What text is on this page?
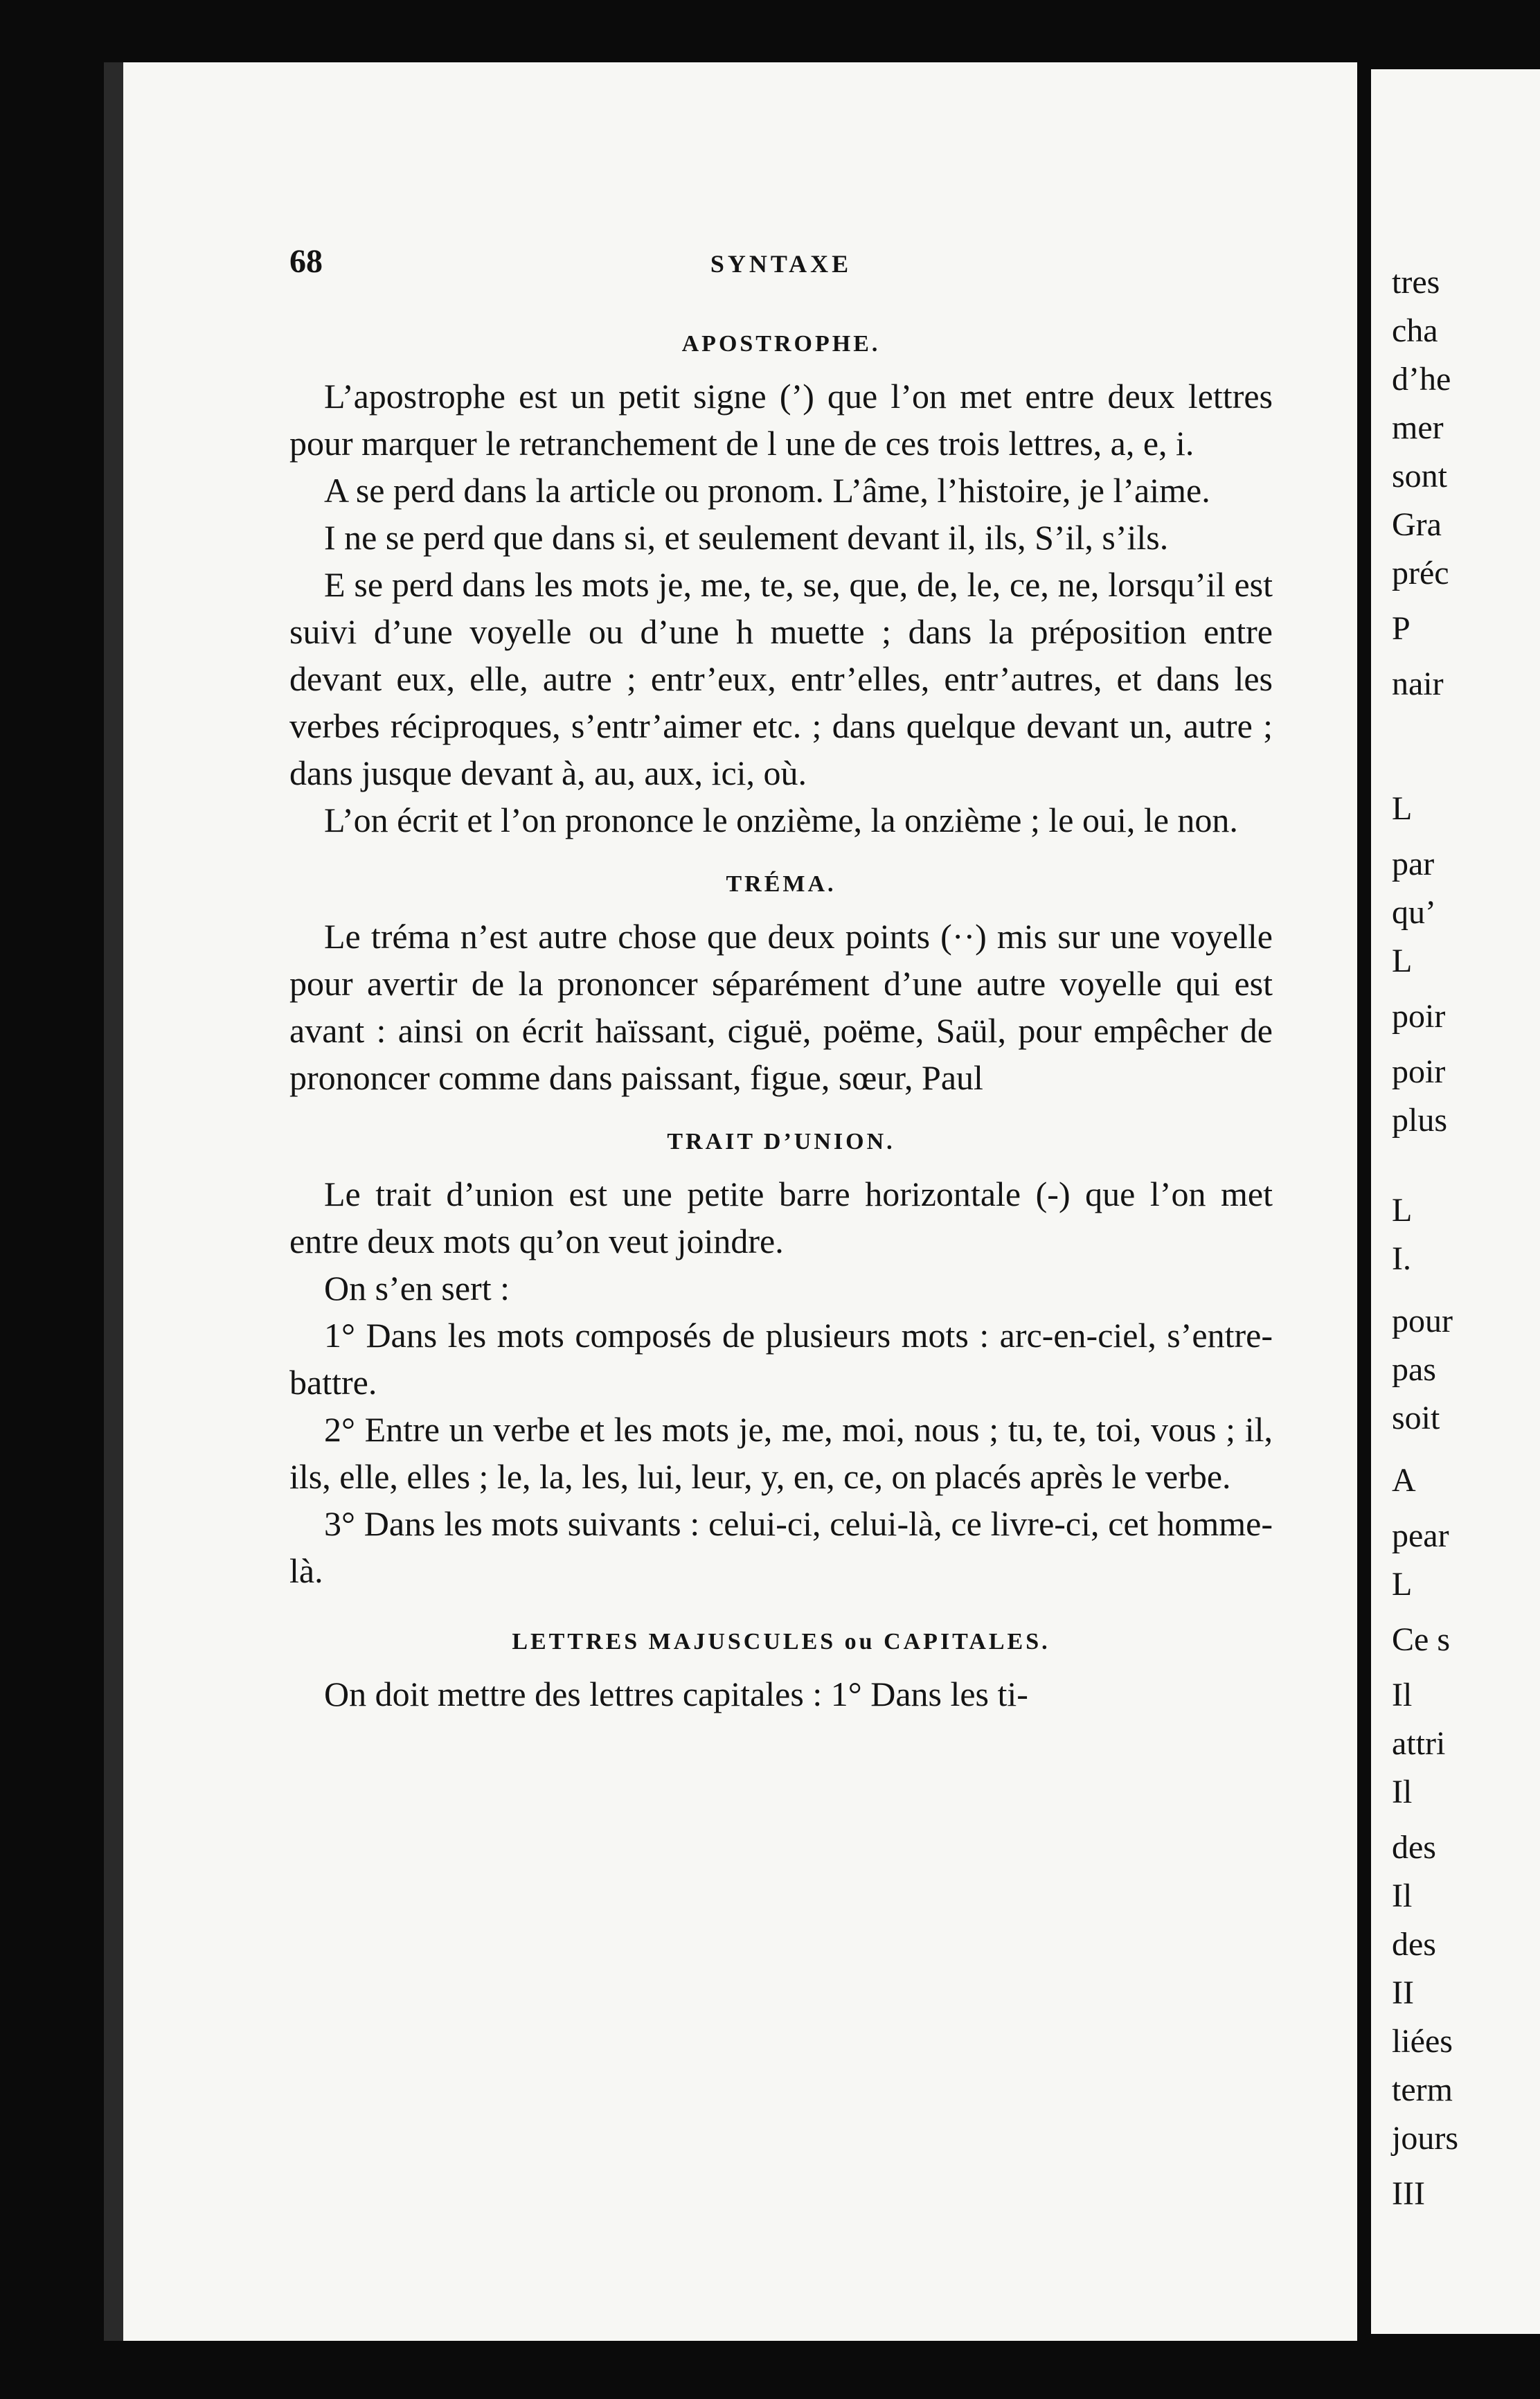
68	SYNTAXE
APOSTROPHE.

L’apostrophe est un petit signe (’) que l’on met entre deux lettres pour marquer le retranchement de l une de ces trois lettres, a, e, i.

A se perd dans la article ou pronom. L’âme, l’histoire, je l’aime.

I ne se perd que dans si, et seulement devant il, ils, S’il, s’ils.

E se perd dans les mots je, me, te, se, que, de, le, ce, ne, lorsqu’il est suivi d’une voyelle ou d’une h muette ; dans la préposition entre devant eux, elle, autre ; entr’eux, entr’elles, entr’autres, et dans les verbes réciproques, s’entr’aimer etc. ; dans quelque devant un, autre ; dans jusque devant à, au, aux, ici, où.

L’on écrit et l’on prononce le onzième, la onzième ; le oui, le non.

TRÉMA.

Le tréma n’est autre chose que deux points (··) mis sur une voyelle pour avertir de la prononcer séparément d’une autre voyelle qui est avant : ainsi on écrit haïssant, ciguë, poëme, Saül, pour empêcher de prononcer comme dans paissant, figue, sœur, Paul

TRAIT D’UNION.

Le trait d’union est une petite barre horizontale (-) que l’on met entre deux mots qu’on veut joindre.

On s’en sert :

1° Dans les mots composés de plusieurs mots : arc-en-ciel, s’entre-battre.

2° Entre un verbe et les mots je, me, moi, nous ; tu, te, toi, vous ; il, ils, elle, elles ; le, la, les, lui, leur, y, en, ce, on placés après le verbe.

3° Dans les mots suivants : celui-ci, celui-là, ce livre-ci, cet homme-là.

LETTRES MAJUSCULES ou CAPITALES.

On doit mettre des lettres capitales : 1° Dans les ti-

tres
cha
d’he
mer
sont
Gra
préc
P
nair
L
par
qu’
L
poir
poir
plus
L
I.
pour
pas
soit
A
pear
L
Ce s
Il
attri
Il
des
Il
des
II
liées
term
jours
III
